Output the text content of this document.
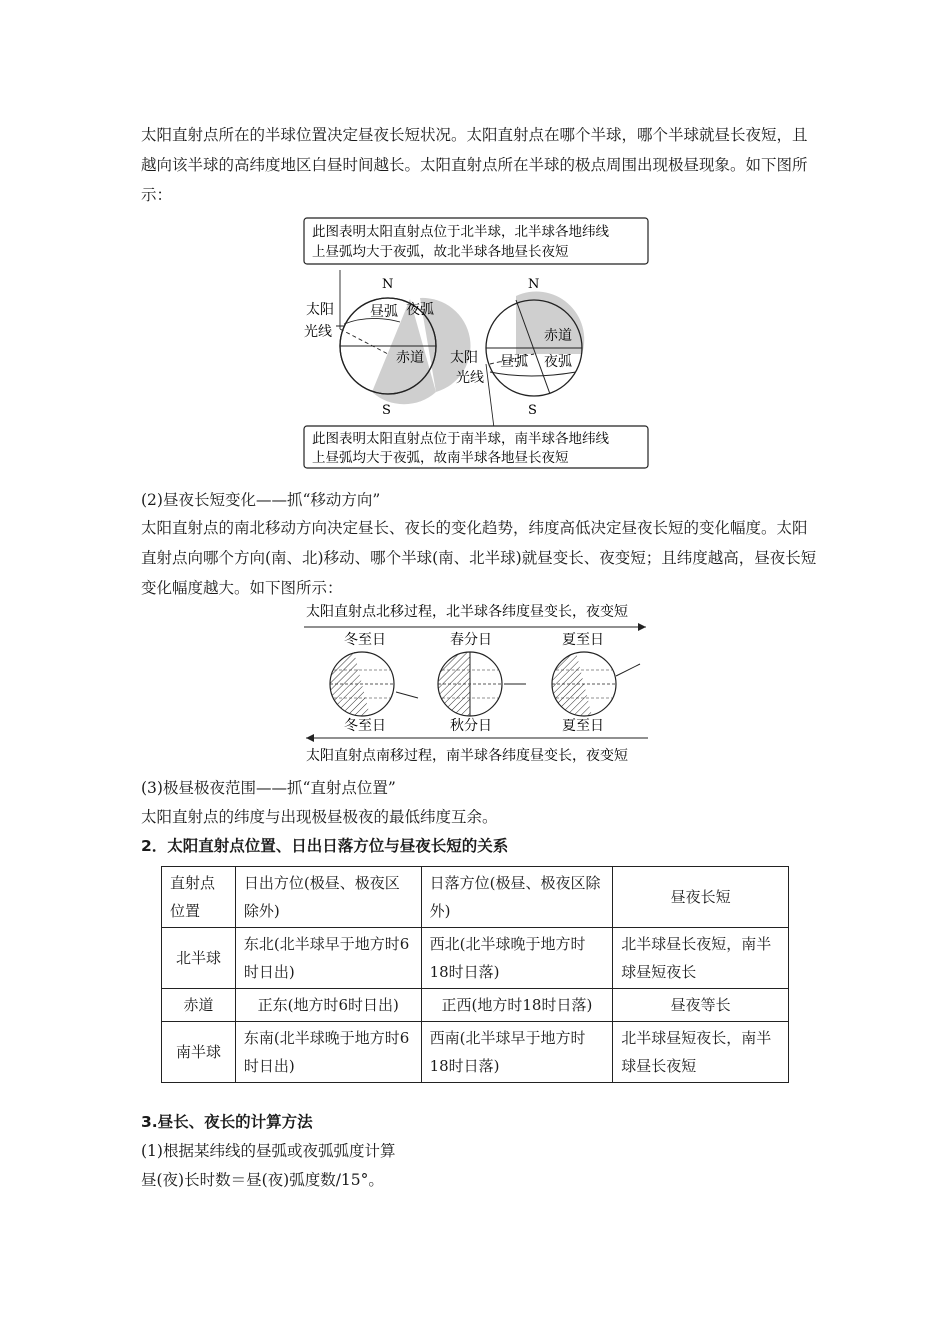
太阳直射点所在的半球位置决定昼夜长短状况。太阳直射点在哪个半球，哪个半球就昼长夜短，且越向该半球的高纬度地区白昼时间越长。太阳直射点所在半球的极点周围出现极昼现象。如下图所示：

此图表明太阳直射点位于北半球，北半球各地纬线
上昼弧均大于夜弧，故北半球各地昼长夜短
N
S
太阳
光线
昼弧 夜弧
赤道
N
S
太阳
光线
赤道
昼弧 夜弧
此图表明太阳直射点位于南半球，南半球各地纬线
上昼弧均大于夜弧，故南半球各地昼长夜短

(2)昼夜长短变化——抓“移动方向”

太阳直射点的南北移动方向决定昼长、夜长的变化趋势，纬度高低决定昼夜长短的变化幅度。太阳直射点向哪个方向(南、北)移动、哪个半球(南、北半球)就昼变长、夜变短；且纬度越高，昼夜长短变化幅度越大。如下图所示：

太阳直射点北移过程，北半球各纬度昼变长，夜变短
冬至日	春分日	夏至日
冬至日	秋分日	夏至日
太阳直射点南移过程，南半球各纬度昼变长，夜变短

(3)极昼极夜范围——抓“直射点位置”

太阳直射点的纬度与出现极昼极夜的最低纬度互余。

2．太阳直射点位置、日出日落方位与昼夜长短的关系

直射点位置	日出方位(极昼、极夜区除外)	日落方位(极昼、极夜区除外)	昼夜长短
北半球	东北(北半球早于地方时6时日出)	西北(北半球晚于地方时18时日落)	北半球昼长夜短，南半球昼短夜长
赤道	正东(地方时6时日出)	正西(地方时18时日落)	昼夜等长
南半球	东南(北半球晚于地方时6时日出)	西南(北半球早于地方时18时日落)	北半球昼短夜长，南半球昼长夜短

3.昼长、夜长的计算方法

(1)根据某纬线的昼弧或夜弧弧度计算

昼(夜)长时数＝昼(夜)弧度数/15°。
